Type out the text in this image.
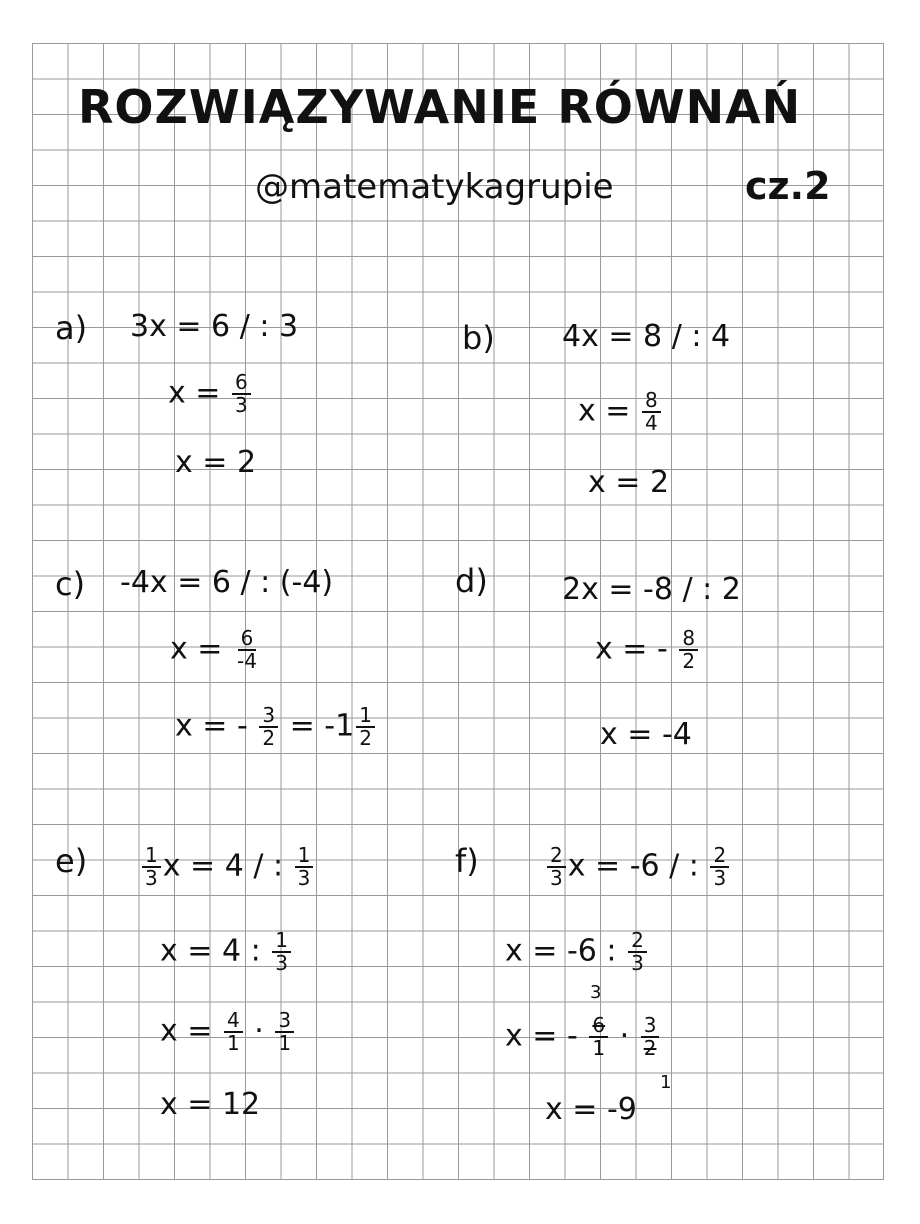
ROZWIĄZYWANIE RÓWNAŃ

@matematykagrupie	cz.2

a) 3x = 6 / : 3
$x = \frac{6}{3}$
x = 2
b) 4x = 8 / : 4
$x = \frac{8}{4}$
x = 2
c) -4x = 6 / : (-4)
$x = \frac{6}{-4}$
x = - $\frac{3}{2} = -1 \frac{1}{2}$
d) 2x = -8 / : 2
x = - $\frac{8}{2}$
x = -4
e)	$\frac{1}{3}$ x = 4 / : $\frac{1}{3}$
x = 4 : $\frac{1}{3}$
$x = \frac{4}{1} \cdot \frac{3}{1}$
x = 12
f)	$\frac{2}{3}$ x = -6 / : $\frac{2}{3}$
x = -6 : $\frac{2}{3}$
3
x = - $\frac{6}{1} \cdot \frac{3}{2}$
1
x = -9
